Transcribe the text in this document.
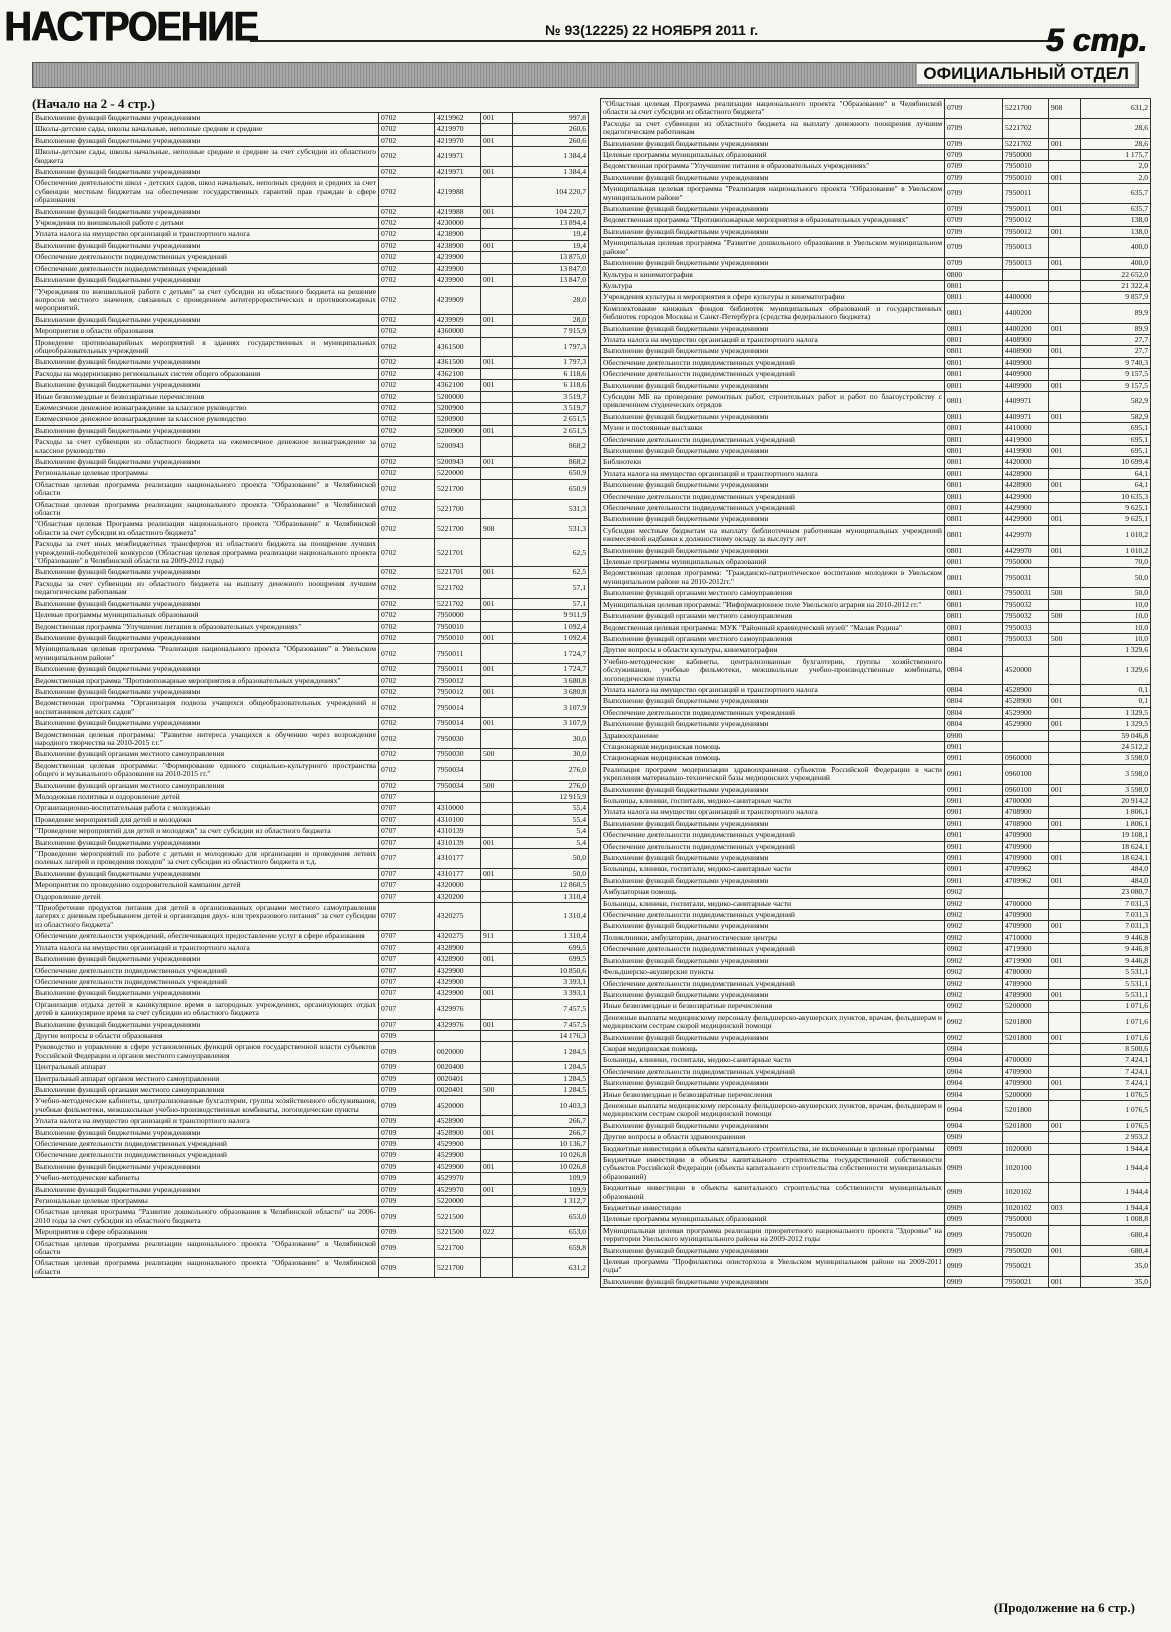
НАСТРОЕНИЕ	№ 93(12225) 22 НОЯБРЯ 2011 г.	5 стр.
ОФИЦИАЛЬНЫЙ ОТДЕЛ
(Начало на 2 - 4 стр.)
Выполнение функций бюджетными учреждениями	0702	4219962	001	997,8
Школы-детские сады, школы начальные, неполные средние и средние	0702	4219970		260,6
Выполнение функций бюджетными учреждениями	0702	4219970	001	260,6
Школы-детские сады, школы начальные, неполные средние и средние за счет субсидии из областного бюджета	0702	4219971		1 384,4
Выполнение функций бюджетными учреждениями	0702	4219971	001	1 384,4
Обеспечение деятельности школ - детских садов, школ начальных, неполных средних и средних за счет субвенции местным бюджетам на обеспечение государственных гарантий прав граждан в сфере образования	0702	4219988		104 220,7
Выполнение функций бюджетными учреждениями	0702	4219988	001	104 220,7
Учреждения по внешкольной работе с детьми	0702	4230000		13 894,4
Уплата налога на имущество организаций и транспортного налога	0702	4238900		19,4
Выполнение функций бюджетными учреждениями	0702	4238900	001	19,4
Обеспечение деятельности подведомственных учреждений	0702	4239900		13 875,0
Обеспечение деятельности подведомственных учреждений	0702	4239900		13 847,0
Выполнение функций бюджетными учреждениями	0702	4239900	001	13 847,0
"Учреждения по внешкольной работе с детьми" за счет субсидии из областного бюджета на решение вопросов местного значения, связанных с проведением антитеррористических и противопожарных мероприятий.	0702	4239909		28,0
Выполнение функций бюджетными учреждениями	0702	4239909	001	28,0
Мероприятия в области образования	0702	4360000		7 915,9
Проведение противоаварийных мероприятий в зданиях государственных и муниципальных общеобразовательных учреждений	0702	4361500		1 797,3
Выполнение функций бюджетными учреждениями	0702	4361500	001	1 797,3
Расходы на модернизацию региональных систем общего образования	0702	4362100		6 118,6
Выполнение функций бюджетными учреждениями	0702	4362100	001	6 118,6
Иные безвозмездные и безвозвратные перечисления	0702	5200000		3 519,7
Ежемесячное денежное вознаграждение за классное руководство	0702	5200900		3 519,7
Ежемесячное денежное вознаграждение за классное руководство	0702	5200900		2 651,5
Выполнение функций бюджетными учреждениями	0702	5200900	001	2 651,5
Расходы за счет субвенции из областного бюджета на ежемесячное денежное вознаграждение за классное руководство	0702	5200943		868,2
Выполнение функций бюджетными учреждениями	0702	5200943	001	868,2
Региональные целевые программы	0702	5220000		650,9
Областная целевая программа реализации национального проекта "Образование" в Челябинской области	0702	5221700		650,9
Областная целевая программа реализации национального проекта "Образование" в Челябинской области	0702	5221700		531,3
"Областная целевая Программа реализации национального проекта "Образование" в Челябинской области за счет субсидии из областного бюджета"	0702	5221700	908	531,3
Расходы за счет иных межбюджетных трансфертов из областного бюджета на поощрение лучших учреждений-победителей конкурсов (Областная целевая программа реализации национального проекта "Образование" в Челябинской области на 2009-2012 годы)	0702	5221701		62,5
Выполнение функций бюджетными учреждениями	0702	5221701	001	62,5
Расходы за счет субвенции из областного бюджета на выплату денежного поощрения лучшим педагогическим работникам	0702	5221702		57,1
Выполнение функций бюджетными учреждениями	0702	5221702	001	57,1
Целевые программы муниципальных образований	0702	7950000		9 911,9
Ведомственная программа "Улучшение питания в образовательных учреждениях"	0702	7950010		1 092,4
Выполнение функций бюджетными учреждениями	0702	7950010	001	1 092,4
Муниципальная целевая программа "Реализация национального проекта "Образование" в Увельском муниципальном районе"	0702	7950011		1 724,7
Выполнение функций бюджетными учреждениями	0702	7950011	001	1 724,7
Ведомственная программа "Противопожарные мероприятия в образовательных учреждениях"	0702	7950012		3 680,8
Выполнение функций бюджетными учреждениями	0702	7950012	001	3 680,8
Ведомственная программа "Организация подвоза учащихся общеобразовательных учреждений и воспитанников детских садов"	0702	7950014		3 107,9
Выполнение функций бюджетными учреждениями	0702	7950014	001	3 107,9
Ведомственная целевая программа: "Развитие интереса учащихся к обучению через возрождение народного творчества на 2010-2015 г.г."	0702	7950030		30,0
Выполнение функций органами местного самоуправления	0702	7950030	500	30,0
Ведомственная целевая программа: "Формирование единого социально-культурного пространства общего и музыкального образования на 2010-2015 гг."	0702	7950034		276,0
Выполнение функций органами местного самоуправления	0702	7950034	500	276,0
Молодежная политика и оздоровление детей	0707			12 915,9
Организационно-воспитательная работа с молодежью	0707	4310000		55,4
Проведение мероприятий для детей и молодежи	0707	4310100		55,4
"Проведение мероприятий для детей и молодежи" за счет субсидии из областного бюджета	0707	4310139		5,4
Выполнение функций бюджетными учреждениями	0707	4310139	001	5,4
"Проведение мероприятий по работе с детьми и молодежью для организации и проведения летних полевых лагерей и проведения походов" за счет субсидии из областного бюджета и т.д.	0707	4310177		50,0
Выполнение функций бюджетными учреждениями	0707	4310177	001	50,0
Мероприятия по проведению оздоровительной кампании детей	0707	4320000		12 860,5
Оздоровление детей	0707	4320200		1 310,4
"Приобретение продуктов питания для детей в организованных органами местного самоуправления лагерях с дневным пребыванием детей и организация двух- или трехразового питания" за счет субсидии из областного бюджета"	0707	4320275		1 310,4
Обеспечение деятельности учреждений, обеспечивающих предоставление услуг в сфере образования	0707	4320275	911	1 310,4
Уплата налога на имущество организаций и транспортного налога	0707	4328900		699,5
Выполнение функций бюджетными учреждениями	0707	4328900	001	699,5
Обеспечение деятельности подведомственных учреждений	0707	4329900		10 850,6
Обеспечение деятельности подведомственных учреждений	0707	4329900		3 393,1
Выполнение функций бюджетными учреждениями	0707	4329900	001	3 393,1
Организация отдыха детей в каникулярное время в загородных учреждениях, организующих отдых детей в каникулярное время за счет субсидии из областного бюджета	0707	4329976		7 457,5
Выполнение функций бюджетными учреждениями	0707	4329976	001	7 457,5
Другие вопросы в области образования	0709			14 176,3
Руководство и управление в сфере установленных функций органов государственной власти субъектов Российской Федерации и органов местного самоуправления	0709	0020000		1 284,5
Центральный аппарат	0709	0020400		1 284,5
Центральный аппарат органов местного самоуправления	0709	0020401		1 284,5
Выполнение функций органами местного самоуправления	0709	0020401	500	1 284,5
Учебно-методические кабинеты, централизованные бухгалтерии, группы хозяйственного обслуживания, учебные фильмотеки, межшкольные учебно-производственные комбинаты, логопедические пункты	0709	4520000		10 403,3
Уплата налога на имущество организаций и транспортного налога	0709	4528900		266,7
Выполнение функций бюджетными учреждениями	0709	4528900	001	266,7
Обеспечение деятельности подведомственных учреждений	0709	4529900		10 136,7
Обеспечение деятельности подведомственных учреждений	0709	4529900		10 026,8
Выполнение функций бюджетными учреждениями	0709	4529900	001	10 026,8
Учебно-методические кабинеты	0709	4529970		109,9
Выполнение функций бюджетными учреждениями	0709	4529970	001	109,9
Региональные целевые программы	0709	5220000		1 312,7
Областная целевая программа "Развитие дошкольного образования в Челябинской области" на 2006-2010 годы за счет субсидии из областного бюджета	0709	5221500		653,0
Мероприятия в сфере образования	0709	5221500	022	653,0
Областная целевая программа реализации национального проекта "Образование" в Челябинской области	0709	5221700		659,8
Областная целевая программа реализации национального проекта "Образование" в Челябинской области	0709	5221700		631,2
"Областная целевая Программа реализации национального проекта "Образование" в Челябинской области за счет субсидии из областного бюджета"	0709	5221700	908	631,2
Расходы за счет субвенции из областного бюджета на выплату денежного поощрения лучшим педагогическим работникам	0709	5221702		28,6
Выполнение функций бюджетными учреждениями	0709	5221702	001	28,6
Целевые программы муниципальных образований	0709	7950000		1 175,7
Ведомственная программа "Улучшение питания в образовательных учреждениях"	0709	7950010		2,0
Выполнение функций бюджетными учреждениями	0709	7950010	001	2,0
Муниципальная целевая программа "Реализация национального проекта "Образование" в Увельском муниципальном районе"	0709	7950011		635,7
Выполнение функций бюджетными учреждениями	0709	7950011	001	635,7
Ведомственная программа "Противопожарные мероприятия в образовательных учреждениях"	0709	7950012		138,0
Выполнение функций бюджетными учреждениями	0709	7950012	001	138,0
Муниципальная целевая программа "Развитие дошкольного образования в Увельском муниципальном районе"	0709	7950013		400,0
Выполнение функций бюджетными учреждениями	0709	7950013	001	400,0
Культура и кинематография	0800			22 652,0
Культура	0801			21 322,4
Учреждения культуры и мероприятия в сфере культуры и кинематографии	0801	4400000		9 857,9
Комплектование книжных фондов библиотек муниципальных образований и государственных библиотек городов Москвы и Санкт-Петербурга (средства федерального бюджета)	0801	4400200		89,9
Выполнение функций бюджетными учреждениями	0801	4400200	001	89,9
Уплата налога на имущество организаций и транспортного налога	0801	4408900		27,7
Выполнение функций бюджетными учреждениями	0801	4408900	001	27,7
Обеспечение деятельности подведомственных учреждений	0801	4409900		9 740,3
Обеспечение деятельности подведомственных учреждений	0801	4409900		9 157,5
Выполнение функций бюджетными учреждениями	0801	4409900	001	9 157,5
Субсидии МБ на проведение ремонтных работ, строительных работ и работ по благоустройству с привлечением студенческих отрядов	0801	4409971		582,9
Выполнение функций бюджетными учреждениями	0801	4409971	001	582,9
Музеи и постоянные выставки	0801	4410000		695,1
Обеспечение деятельности подведомственных учреждений	0801	4419900		695,1
Выполнение функций бюджетными учреждениями	0801	4419900	001	695,1
Библиотеки	0801	4420000		10 699,4
Уплата налога на имущество организаций и транспортного налога	0801	4428900		64,1
Выполнение функций бюджетными учреждениями	0801	4428900	001	64,1
Обеспечение деятельности подведомственных учреждений	0801	4429900		10 635,3
Обеспечение деятельности подведомственных учреждений	0801	4429900		9 625,1
Выполнение функций бюджетными учреждениями	0801	4429900	001	9 625,1
Субсидии местным бюджетам на выплату библиотечным работникам муниципальных учреждений ежемесячной надбавки к должностному окладу за выслугу лет	0801	4429970		1 010,2
Выполнение функций бюджетными учреждениями	0801	4429970	001	1 010,2
Целевые программы муниципальных образований	0801	7950000		70,0
Ведомственная целевая программа: "Гражданско-патриотическое воспитание молодежи в Увельском муниципальном районе на 2010-2012гг."	0801	7950031		50,0
Выполнение функций органами местного самоуправления	0801	7950031	500	50,0
Муниципальная целевая программа: "Информационное поле Увельского аграрня на 2010-2012 гг."	0801	7950032		10,0
Выполнение функций органами местного самоуправления	0801	7950032	500	10,0
Ведомственная целевая программа: МУК "Районный краеведческий музей" "Малая Родина"	0801	7950033		10,0
Выполнение функций органами местного самоуправления	0801	7950033	500	10,0
Другие вопросы в области культуры, кинематографии	0804			1 329,6
Учебно-методические кабинеты, централизованные бухгалтерии, группы хозяйственного обслуживания, учебные фильмотеки, межшкольные учебно-производственные комбинаты, логопедические пункты	0804	4520000		1 329,6
Уплата налога на имущество организаций и транспортного налога	0804	4528900		0,1
Выполнение функций бюджетными учреждениями	0804	4528900	001	0,1
Обеспечение деятельности подведомственных учреждений	0804	4529900		1 329,5
Выполнение функций бюджетными учреждениями	0804	4529900	001	1 329,5
Здравоохранение	0900			59 046,8
Стационарная медицинская помощь	0901			24 512,2
Стационарная медицинская помощь	0901	0960000		3 598,0
Реализация программ модернизации здравоохранения субъектов Российской Федерации в части укрепления материально-технической базы медицинских учреждений	0901	0960100		3 598,0
Выполнение функций бюджетными учреждениями	0901	0960100	001	3 598,0
Больницы, клиники, госпитали, медико-санитарные части	0901	4700000		20 914,2
Уплата налога на имущество организаций и транспортного налога	0901	4708900		1 806,1
Выполнение функций бюджетными учреждениями	0901	4708900	001	1 806,1
Обеспечение деятельности подведомственных учреждений	0901	4709900		19 108,1
Обеспечение деятельности подведомственных учреждений	0901	4709900		18 624,1
Выполнение функций бюджетными учреждениями	0901	4709900	001	18 624,1
Больницы, клиники, госпитали, медико-санитарные части	0901	4709962		484,0
Выполнение функций бюджетными учреждениями	0901	4709962	001	484,0
Амбулаторная помощь	0902			23 080,7
Больницы, клиники, госпитали, медико-санитарные части	0902	4700000		7 031,3
Обеспечение деятельности подведомственных учреждений	0902	4709900		7 031,3
Выполнение функций бюджетными учреждениями	0902	4709900	001	7 031,3
Поликлиники, амбулатории, диагностические центры	0902	4710000		9 446,8
Обеспечение деятельности подведомственных учреждений	0902	4719900		9 446,8
Выполнение функций бюджетными учреждениями	0902	4719900	001	9 446,8
Фельдшерско-акушерские пункты	0902	4780000		5 531,1
Обеспечение деятельности подведомственных учреждений	0902	4789900		5 531,1
Выполнение функций бюджетными учреждениями	0902	4789900	001	5 531,1
Иные безвозмездные и безвозвратные перечисления	0902	5200000		1 071,6
Денежные выплаты медицинскому персоналу фельдшерско-акушерских пунктов, врачам, фельдшерам и медицинским сестрам скорой медицинской помощи	0902	5201800		1 071,6
Выполнение функций бюджетными учреждениями	0902	5201800	001	1 071,6
Скорая медицинская помощь	0904			8 500,6
Больницы, клиники, госпитали, медико-санитарные части	0904	4700000		7 424,1
Обеспечение деятельности подведомственных учреждений	0904	4709900		7 424,1
Выполнение функций бюджетными учреждениями	0904	4709900	001	7 424,1
Иные безвозмездные и безвозвратные перечисления	0904	5200000		1 076,5
Денежные выплаты медицинскому персоналу фельдшерско-акушерских пунктов, врачам, фельдшерам и медицинским сестрам скорой медицинской помощи	0904	5201800		1 076,5
Выполнение функций бюджетными учреждениями	0904	5201800	001	1 076,5
Другие вопросы в области здравоохранения	0909			2 953,2
Бюджетные инвестиции в объекты капитального строительства, не включенные в целевые программы	0909	1020000		1 944,4
Бюджетные инвестиции в объекты капитального строительства государственной собственности субъектов Российской Федерации (объекты капитального строительства собственности муниципальных образований)	0909	1020100		1 944,4
Бюджетные инвестиции в объекты капитального строительства собственности муниципальных образований	0909	1020102		1 944,4
Бюджетные инвестиции	0909	1020102	003	1 944,4
Целевые программы муниципальных образований	0909	7950000		1 008,8
Муниципальная целевая программа реализации приоритетного национального проекта "Здоровье" на территории Увельского муниципального района на 2009-2012 годы	0909	7950020		680,4
Выполнение функций бюджетными учреждениями	0909	7950020	001	680,4
Целевая программа "Профилактика описторхоза в Увельском муниципальном районе на 2009-2011 годы"	0909	7950021		35,0
Выполнение функций бюджетными учреждениями	0909	7950021	001	35,0
(Продолжение на 6 стр.)
